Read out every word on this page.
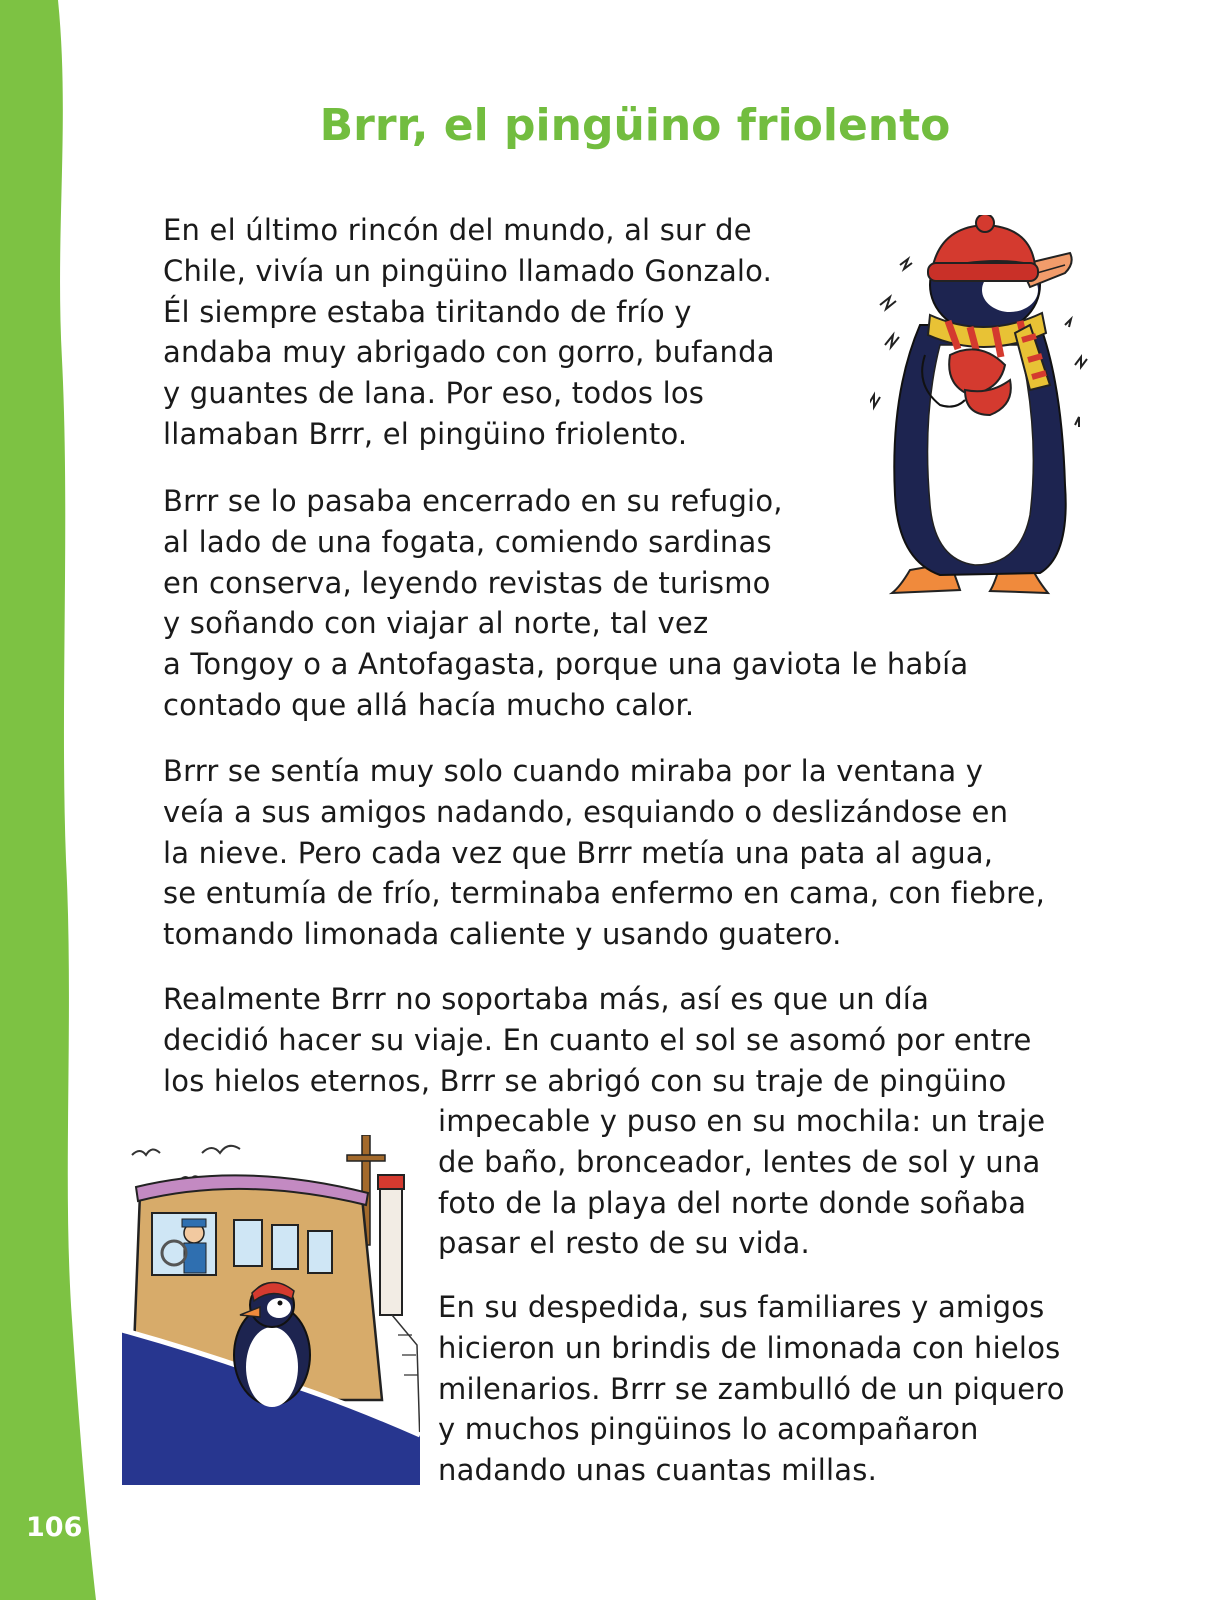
106
Brrr, el pingüino friolento

En el último rincón del mundo, al sur de
Chile, vivía un pingüino llamado Gonzalo.
Él siempre estaba tiritando de frío y
andaba muy abrigado con gorro, bufanda
y guantes de lana. Por eso, todos los
llamaban Brrr, el pingüino friolento.

Brrr se lo pasaba encerrado en su refugio,
al lado de una fogata, comiendo sardinas
en conserva, leyendo revistas de turismo
y soñando con viajar al norte, tal vez
a Tongoy o a Antofagasta, porque una gaviota le había
contado que allá hacía mucho calor.

Brrr se sentía muy solo cuando miraba por la ventana y
veía a sus amigos nadando, esquiando o deslizándose en
la nieve. Pero cada vez que Brrr metía una pata al agua,
se entumía de frío, terminaba enfermo en cama, con fiebre,
tomando limonada caliente y usando guatero.

Realmente Brrr no soportaba más, así es que un día
decidió hacer su viaje. En cuanto el sol se asomó por entre
los hielos eternos, Brrr se abrigó con su traje de pingüino

impecable y puso en su mochila: un traje
de baño, bronceador, lentes de sol y una
foto de la playa del norte donde soñaba
pasar el resto de su vida.

En su despedida, sus familiares y amigos
hicieron un brindis de limonada con hielos
milenarios. Brrr se zambulló de un piquero
y muchos pingüinos lo acompañaron
nadando unas cuantas millas.
